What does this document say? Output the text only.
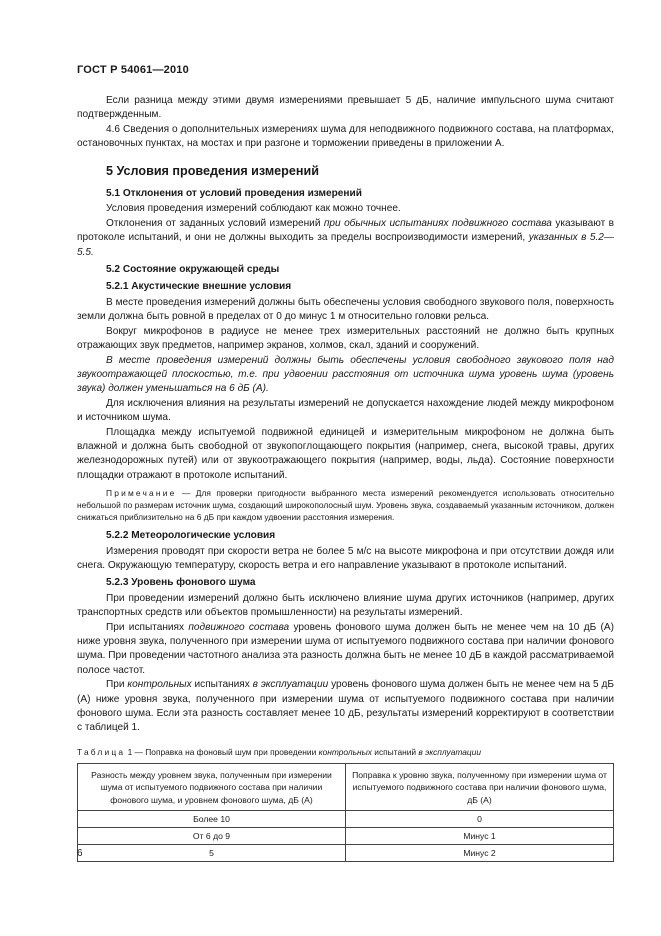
ГОСТ Р 54061—2010

Если разница между этими двумя измерениями превышает 5 дБ, наличие импульсного шума считают подтвержденным.

4.6 Сведения о дополнительных измерениях шума для неподвижного подвижного состава, на платформах, остановочных пунктах, на мостах и при разгоне и торможении приведены в приложении А.

5 Условия проведения измерений
5.1 Отклонения от условий проведения измерений

Условия проведения измерений соблюдают как можно точнее.

Отклонения от заданных условий измерений при обычных испытаниях подвижного состава указывают в протоколе испытаний, и они не должны выходить за пределы воспроизводимости измерений, указанных в 5.2—5.5.

5.2 Состояние окружающей среды
5.2.1 Акустические внешние условия

В месте проведения измерений должны быть обеспечены условия свободного звукового поля, поверхность земли должна быть ровной в пределах от 0 до минус 1 м относительно головки рельса.

Вокруг микрофонов в радиусе не менее трех измерительных расстояний не должно быть крупных отражающих звук предметов, например экранов, холмов, скал, зданий и сооружений.

В месте проведения измерений должны быть обеспечены условия свободного звукового поля над звукоотражающей плоскостью, т.е. при удвоении расстояния от источника шума уровень шума (уровень звука) должен уменьшаться на 6 дБ (А).

Для исключения влияния на результаты измерений не допускается нахождение людей между микрофоном и источником шума.

Площадка между испытуемой подвижной единицей и измерительным микрофоном не должна быть влажной и должна быть свободной от звукопоглощающего покрытия (например, снега, высокой травы, других железнодорожных путей) или от звукоотражающего покрытия (например, воды, льда). Состояние поверхности площадки отражают в протоколе испытаний.

Примечание — Для проверки пригодности выбранного места измерений рекомендуется использовать относительно небольшой по размерам источник шума, создающий широкополосный шум. Уровень звука, создаваемый указанным источником, должен снижаться приблизительно на 6 дБ при каждом удвоении расстояния измерения.

5.2.2 Метеорологические условия

Измерения проводят при скорости ветра не более 5 м/с на высоте микрофона и при отсутствии дождя или снега. Окружающую температуру, скорость ветра и его направление указывают в протоколе испытаний.

5.2.3 Уровень фонового шума

При проведении измерений должно быть исключено влияние шума других источников (например, других транспортных средств или объектов промышленности) на результаты измерений.

При испытаниях подвижного состава уровень фонового шума должен быть не менее чем на 10 дБ (А) ниже уровня звука, полученного при измерении шума от испытуемого подвижного состава при наличии фонового шума. При проведении частотного анализа эта разность должна быть не менее 10 дБ в каждой рассматриваемой полосе частот.

При контрольных испытаниях в эксплуатации уровень фонового шума должен быть не менее чем на 5 дБ (А) ниже уровня звука, полученного при измерении шума от испытуемого подвижного состава при наличии фонового шума. Если эта разность составляет менее 10 дБ, результаты измерений корректируют в соответствии с таблицей 1.

Таблица 1 — Поправка на фоновый шум при проведении контрольных испытаний в эксплуатации
Разность между уровнем звука, полученным при измерении шума от испытуемого подвижного состава при наличии фонового шума, и уровнем фонового шума, дБ (А)	Поправка к уровню звука, полученному при измерении шума от испытуемого подвижного состава при наличии фонового шума, дБ (А)
Более 10	0
От 6 до 9	Минус 1
5	Минус 2
6
